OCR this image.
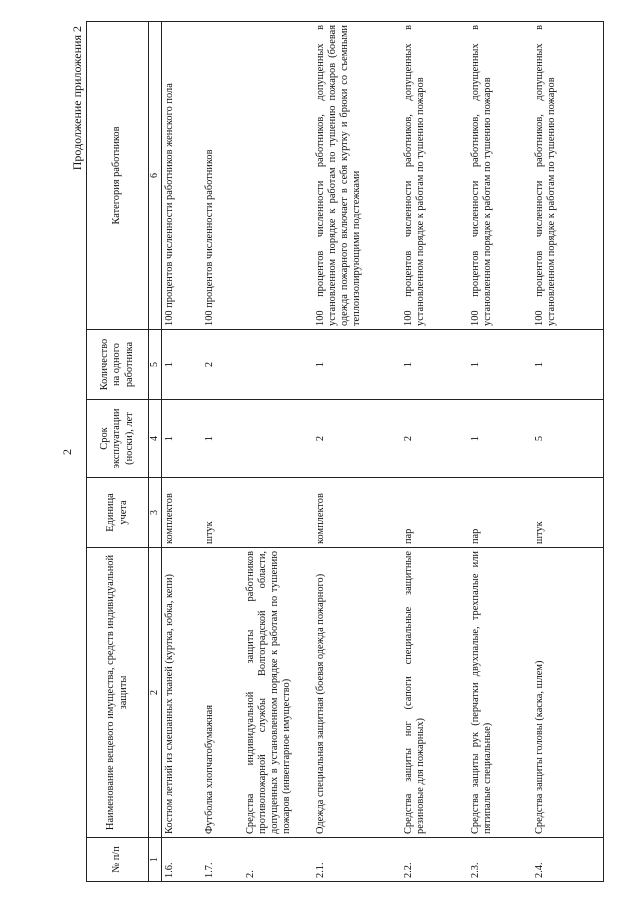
2
Продолжение приложения 2
№ п/п	Наименование вещевого имущества, средств индивидуальной защиты	Единица учета	Срок эксплуатации (носки), лет	Количество на одного работника	Категория работников
1	2	3	4	5	6
1.6.	Костюм летний из смешанных тканей (куртка, юбка, кепи)	комплектов	1	1	100 процентов численности работников женского пола
1.7.	Футболка хлопчатобумажная	штук	1	2	100 процентов численности работников
2.	Средства индивидуальной защиты работников противопожарной службы Волгоградской области, допущенных в установленном порядке к работам по тушению пожаров (инвентарное имущество)				
2.1.	Одежда специальная защитная (боевая одежда пожарного)	комплектов	2	1	100 процентов численности работников, допущенных в установленном порядке к работам по тушению пожаров (боевая одежда пожарного включает в себя куртку и брюки со съемными теплоизолирующими подстежками
2.2.	Средства защиты ног (сапоги специальные защитные резиновые для пожарных)	пар	2	1	100 процентов численности работников, допущенных в установленном порядке к работам по тушению пожаров
2.3.	Средства защиты рук (перчатки двухпалые, трехпалые или пятипалые специальные)	пар	1	1	100 процентов численности работников, допущенных в установленном порядке к работам по тушению пожаров
2.4.	Средства защиты головы (каска, шлем)	штук	5	1	100 процентов численности работников, допущенных в установленном порядке к работам по тушению пожаров
